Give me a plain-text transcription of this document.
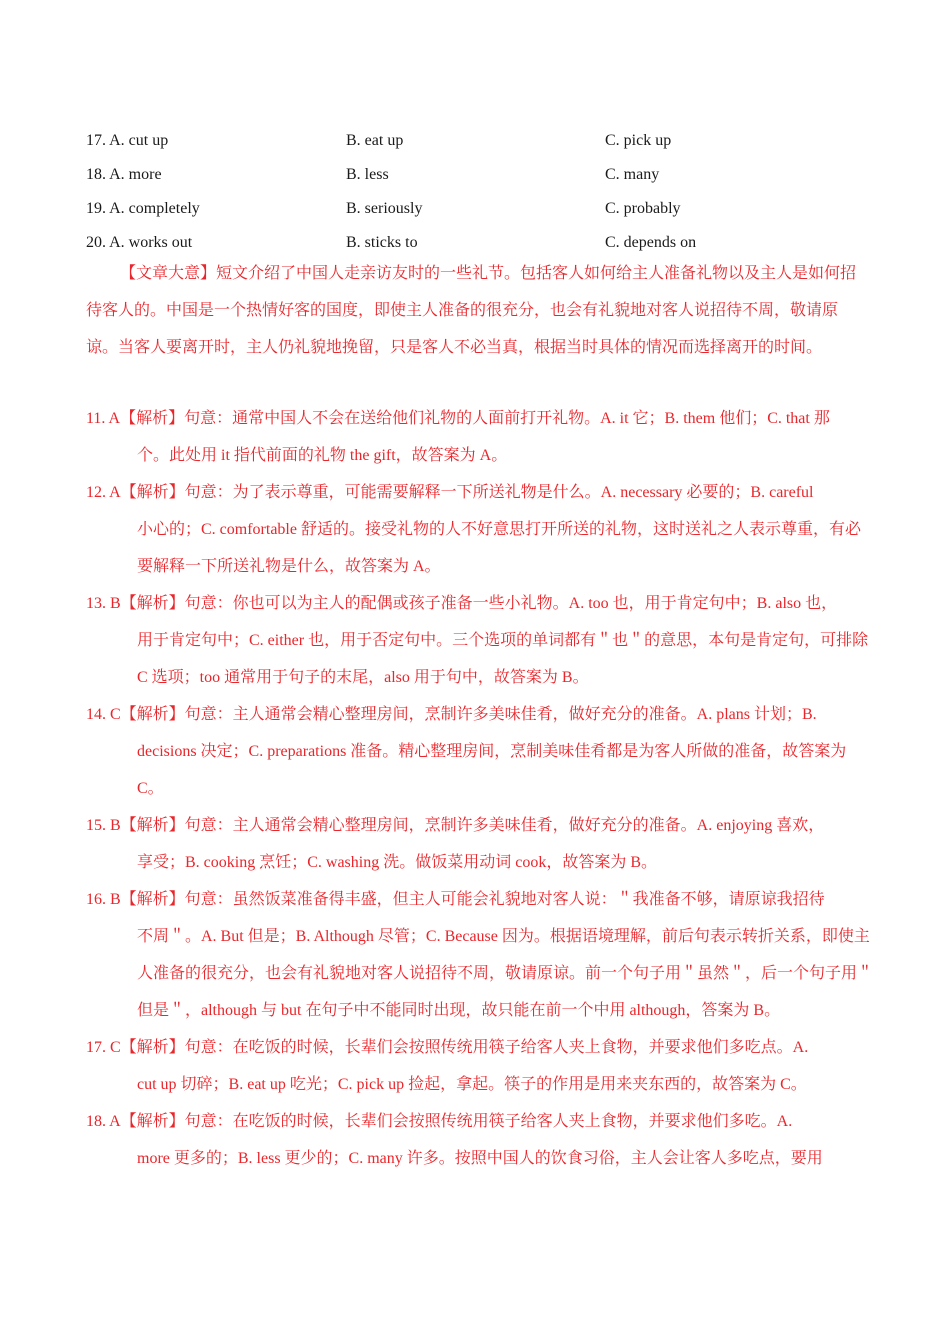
17. A. cut up	B. eat up	C. pick up
18. A. more	B. less	C. many
19. A. completely	B. seriously	C. probably
20. A. works out	B. sticks to	C. depends on

【文章大意】短文介绍了中国人走亲访友时的一些礼节。包括客人如何给主人准备礼物以及主人是如何招待客人的。中国是一个热情好客的国度，即使主人准备的很充分，也会有礼貌地对客人说招待不周，敬请原谅。当客人要离开时，主人仍礼貌地挽留，只是客人不必当真，根据当时具体的情况而选择离开的时间。

11. A【解析】句意：通常中国人不会在送给他们礼物的人面前打开礼物。A. it 它；B. them 他们；C. that 那
个。此处用 it 指代前面的礼物 the gift，故答案为 A。

12. A【解析】句意：为了表示尊重，可能需要解释一下所送礼物是什么。A. necessary 必要的；B. careful
小心的；C. comfortable 舒适的。接受礼物的人不好意思打开所送的礼物，这时送礼之人表示尊重，有必要解释一下所送礼物是什么，故答案为 A。

13. B【解析】句意：你也可以为主人的配偶或孩子准备一些小礼物。A. too 也，用于肯定句中；B. also 也，
用于肯定句中；C. either 也，用于否定句中。三个选项的单词都有＂也＂的意思，本句是肯定句，可排除 C 选项；too 通常用于句子的末尾，also 用于句中，故答案为 B。

14. C【解析】句意：主人通常会精心整理房间，烹制许多美味佳肴，做好充分的准备。A. plans 计划；B.
decisions 决定；C. preparations 准备。精心整理房间，烹制美味佳肴都是为客人所做的准备，故答案为 C。

15. B【解析】句意：主人通常会精心整理房间，烹制许多美味佳肴，做好充分的准备。A. enjoying 喜欢，
享受；B. cooking 烹饪；C. washing 洗。做饭菜用动词 cook，故答案为 B。

16. B【解析】句意：虽然饭菜准备得丰盛，但主人可能会礼貌地对客人说：＂我准备不够，请原谅我招待
不周＂。A. But 但是；B. Although 尽管；C. Because 因为。根据语境理解，前后句表示转折关系，即使主人准备的很充分，也会有礼貌地对客人说招待不周，敬请原谅。前一个句子用＂虽然＂，后一个句子用＂但是＂，although 与 but 在句子中不能同时出现，故只能在前一个中用 although，答案为 B。

17. C【解析】句意：在吃饭的时候，长辈们会按照传统用筷子给客人夹上食物，并要求他们多吃点。A.
cut up 切碎；B. eat up 吃光；C. pick up 捡起，拿起。筷子的作用是用来夹东西的，故答案为 C。

18. A【解析】句意：在吃饭的时候，长辈们会按照传统用筷子给客人夹上食物，并要求他们多吃。A.
more 更多的；B. less 更少的；C. many 许多。按照中国人的饮食习俗，主人会让客人多吃点，要用
